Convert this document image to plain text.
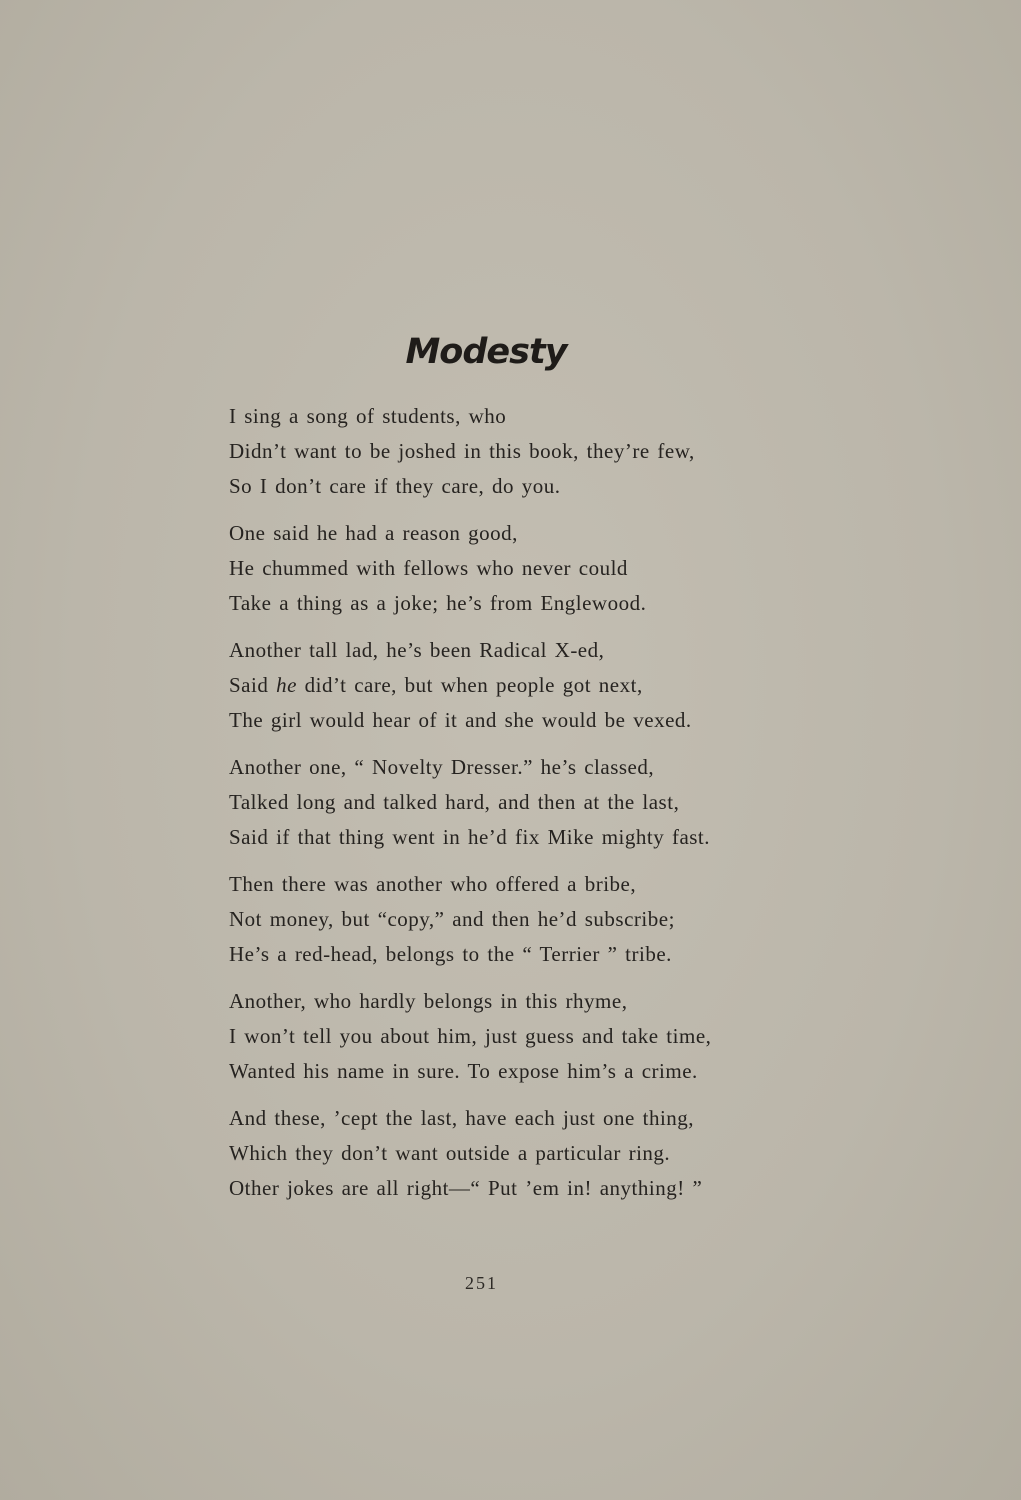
Modesty
I sing a song of students, who
Didn’t want to be joshed in this book, they’re few,
So I don’t care if they care, do you.
One said he had a reason good,
He chummed with fellows who never could
Take a thing as a joke; he’s from Englewood.
Another tall lad, he’s been Radical X-ed,
Said he did’t care, but when people got next,
The girl would hear of it and she would be vexed.
Another one, “ Novelty Dresser.” he’s classed,
Talked long and talked hard, and then at the last,
Said if that thing went in he’d fix Mike mighty fast.
Then there was another who offered a bribe,
Not money, but “copy,” and then he’d subscribe;
He’s a red-head, belongs to the “ Terrier ” tribe.
Another, who hardly belongs in this rhyme,
I won’t tell you about him, just guess and take time,
Wanted his name in sure. To expose him’s a crime.
And these, ’cept the last, have each just one thing,
Which they don’t want outside a particular ring.
Other jokes are all right—“ Put ’em in! anything! ”
251
